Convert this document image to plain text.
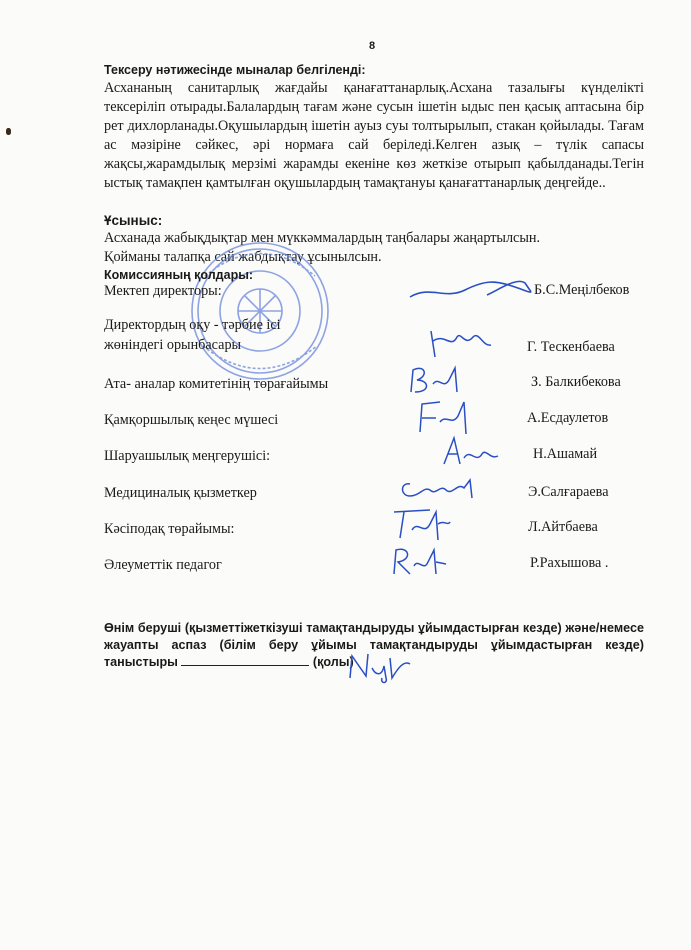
8
Тексеру нәтижесінде мыналар белгіленді:
Асхананың санитарлық жағдайы қанағаттанарлық.Асхана тазалығы күнделікті тексеріліп отырады.Балалардың тағам және сусын ішетін ыдыс пен қасық аптасына бір рет дихлорланады.Оқушылардың ішетін ауыз суы толтырылып, стакан қойылады. Тағам ас мәзіріне сәйкес, әрі нормаға сай беріледі.Келген азық – түлік сапасы жақсы,жарамдылық мерзімі жарамды екеніне көз жеткізе отырып қабылданады.Тегін ыстық тамақпен қамтылған оқушылардың тамақтануы қанағаттанарлық деңгейде..
Ұсыныс:
Асханада жабықдықтар мен мүккәммалардың таңбалары жаңартылсын.
Қойманы талапқа сай жабдықтау ұсынылсын.
Комиссияның қолдары:
Мектеп директоры:	Б.С.Меңілбеков
Директордың оқу - тәрбие ісі
жөніндегі орынбасары	Г. Тескенбаева
Ата- аналар комитетінің төрағайымы	З. Балкибекова
Қамқоршылық кеңес мүшесі	А.Есдаулетов
Шаруашылық меңгерушісі:	Н.Ашамай
Медициналық қызметкер	Э.Салғараева
Кәсіподақ төрайымы:	Л.Айтбаева
Әлеуметтік педагог	Р.Рахышова .
Өнім беруші (қызметтіжеткізуші тамақтандыруды ұйымдастырған кезде) және/немесе жауапты аспаз (білім беру ұйымы тамақтандыруды ұйымдастырған кезде) таныстыры	(қолы)
